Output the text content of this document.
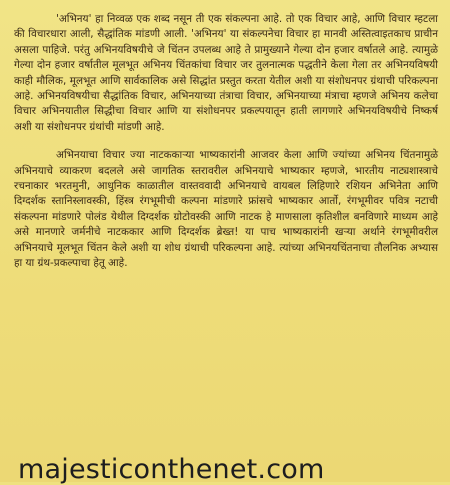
'अभिनय' हा निव्वळ एक शब्द नसून ती एक संकल्पना आहे. तो एक विचार आहे, आणि विचार म्हटला की विचारधारा आली, सैद्धांतिक मांडणी आली. 'अभिनय' या संकल्पनेचा विचार हा मानवी अस्तित्वाइतकाच प्राचीन असला पाहिजे. परंतु अभिनयविषयीचे जे चिंतन उपलब्ध आहे ते प्रामुख्याने गेल्या दोन हजार वर्षातले आहे. त्यामुळे गेल्या दोन हजार वर्षातील मूलभूत अभिनय चिंतकांचा विचार जर तुलनात्मक पद्धतीने केला गेला तर अभिनयविषयी काही मौलिक, मूलभूत आणि सार्वकालिक असे सिद्धांत प्रस्तुत करता येतील अशी या संशोधनपर ग्रंथाची परिकल्पना आहे. अभिनयविषयीचा सैद्धांतिक विचार, अभिनयाच्या तंत्राचा विचार, अभिनयाच्या मंत्राचा म्हणजे अभिनय कलेचा विचार अभिनयातील सिद्धीचा विचार आणि या संशोधनपर प्रकल्पयातून हाती लागणारे अभिनयविषयीचे निष्कर्ष अशी या संशोधनपर ग्रंथांची मांडणी आहे.

अभिनयाचा विचार ज्या नाटककाऱ्या भाष्यकारांनी आजवर केला आणि ज्यांच्या अभिनय चिंतनामुळे अभिनयाचे व्याकरण बदलले असे जागतिक स्तरावरील अभिनयाचे भाष्यकार म्हणजे, भारतीय नाट्यशास्त्राचे रचनाकार भरतमुनी, आधुनिक काळातील वास्तववादी अभिनयाचे वायबल लिहिणारे रशियन अभिनेता आणि दिग्दर्शक स्तानिस्लावस्की, हिंस्त्र रंगभूमीची कल्पना मांडणारे फ्रांसचे भाष्यकार आर्तो, रंगभूमीवर पवित्र नटाची संकल्पना मांडणारे पोलंड येथील दिग्दर्शक ग्रोटोवस्की आणि नाटक हे माणसाला कृतिशील बनविणारे माध्यम आहे असे मानणारे जर्मनीचे नाटककार आणि दिग्दर्शक ब्रेख्त! या पाच भाष्यकारांनी खऱ्या अर्थाने रंगभूमीवरील अभिनयाचे मूलभूत चिंतन केले अशी या शोध ग्रंथाची परिकल्पना आहे. त्यांच्या अभिनयचिंतनाचा तौलनिक अभ्यास हा या ग्रंथ-प्रकल्पाचा हेतू आहे.

majesticonthenet.com
